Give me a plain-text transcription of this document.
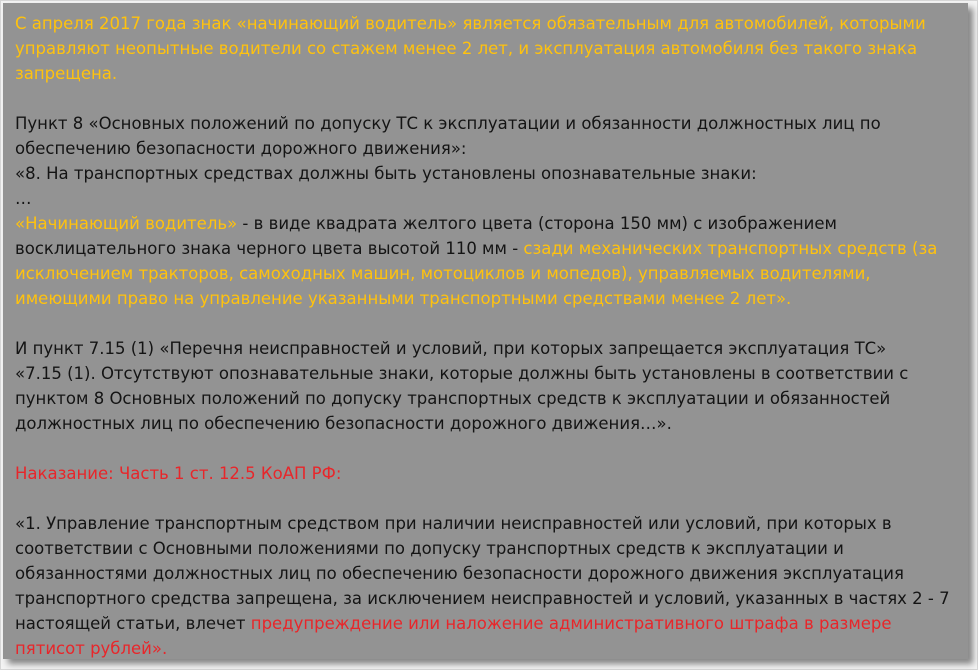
С апреля 2017 года знак «начинающий водитель» является обязательным для автомобилей, которыми управляют неопытные водители со стажем менее 2 лет, и эксплуатация автомобиля без такого знака запрещена.

Пункт 8 «Основных положений по допуску ТС к эксплуатации и обязанности должностных лиц по обеспечению безопасности дорожного движения»:

«8. На транспортных средствах должны быть установлены опознавательные знаки:

…

«Начинающий водитель» - в виде квадрата желтого цвета (сторона 150 мм) с изображением восклицательного знака черного цвета высотой 110 мм - сзади механических транспортных средств (за исключением тракторов, самоходных машин, мотоциклов и мопедов), управляемых водителями, имеющими право на управление указанными транспортными средствами менее 2 лет».

И пункт 7.15 (1) «Перечня неисправностей и условий, при которых запрещается эксплуатация ТС»

«7.15 (1). Отсутствуют опознавательные знаки, которые должны быть установлены в соответствии с пунктом 8 Основных положений по допуску транспортных средств к эксплуатации и обязанностей должностных лиц по обеспечению безопасности дорожного движения…».

Наказание: Часть 1 ст. 12.5 КоАП РФ:

«1. Управление транспортным средством при наличии неисправностей или условий, при которых в соответствии с Основными положениями по допуску транспортных средств к эксплуатации и обязанностями должностных лиц по обеспечению безопасности дорожного движения эксплуатация транспортного средства запрещена, за исключением неисправностей и условий, указанных в частях 2 - 7 настоящей статьи, влечет предупреждение или наложение административного штрафа в размере пятисот рублей».
